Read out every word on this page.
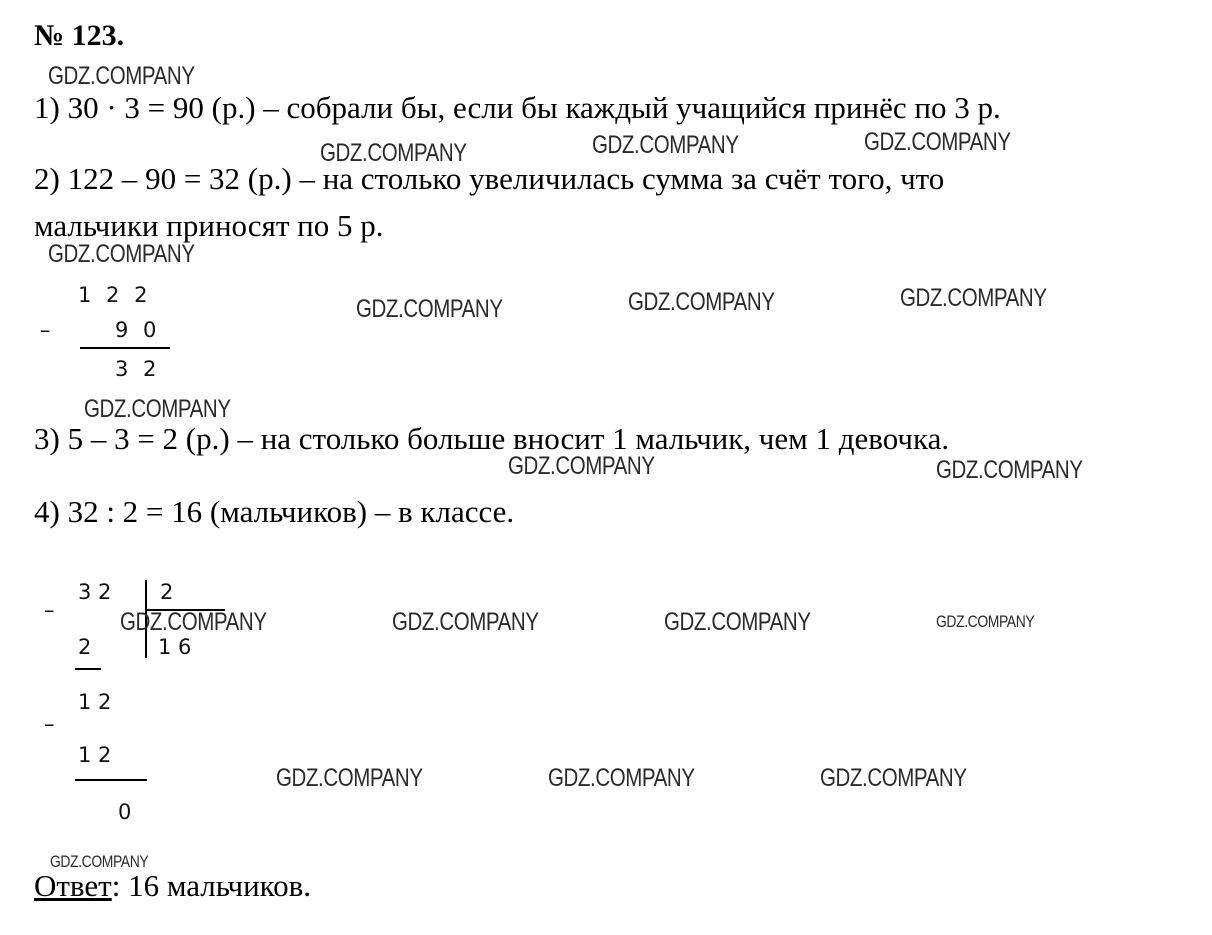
№ 123.
1) 30 · 3 = 90 (р.) – собрали бы, если бы каждый учащийся принёс по 3 р.
2) 122 – 90 = 32 (р.) – на столько увеличилась сумма за счёт того, что
мальчики приносят по 5 р.
1 2 2
–	9 0
3 2
3) 5 – 3 = 2 (р.) – на столько больше вносит 1 мальчик, чем 1 девочка.
4) 32 : 2 = 16 (мальчиков) – в классе.
–
3 2 2
2	1 6
1 2
–
1 2
0
Ответ: 16 мальчиков.
GDZ.COMPANY
GDZ.COMPANY	GDZ.COMPANY	GDZ.COMPANY
GDZ.COMPANY
GDZ.COMPANY	GDZ.COMPANY	GDZ.COMPANY
GDZ.COMPANY
GDZ.COMPANY	GDZ.COMPANY
GDZ.COMPANY	GDZ.COMPANY	GDZ.COMPANY	GDZ.COMPANY
GDZ.COMPANY	GDZ.COMPANY	GDZ.COMPANY
GDZ.COMPANY
